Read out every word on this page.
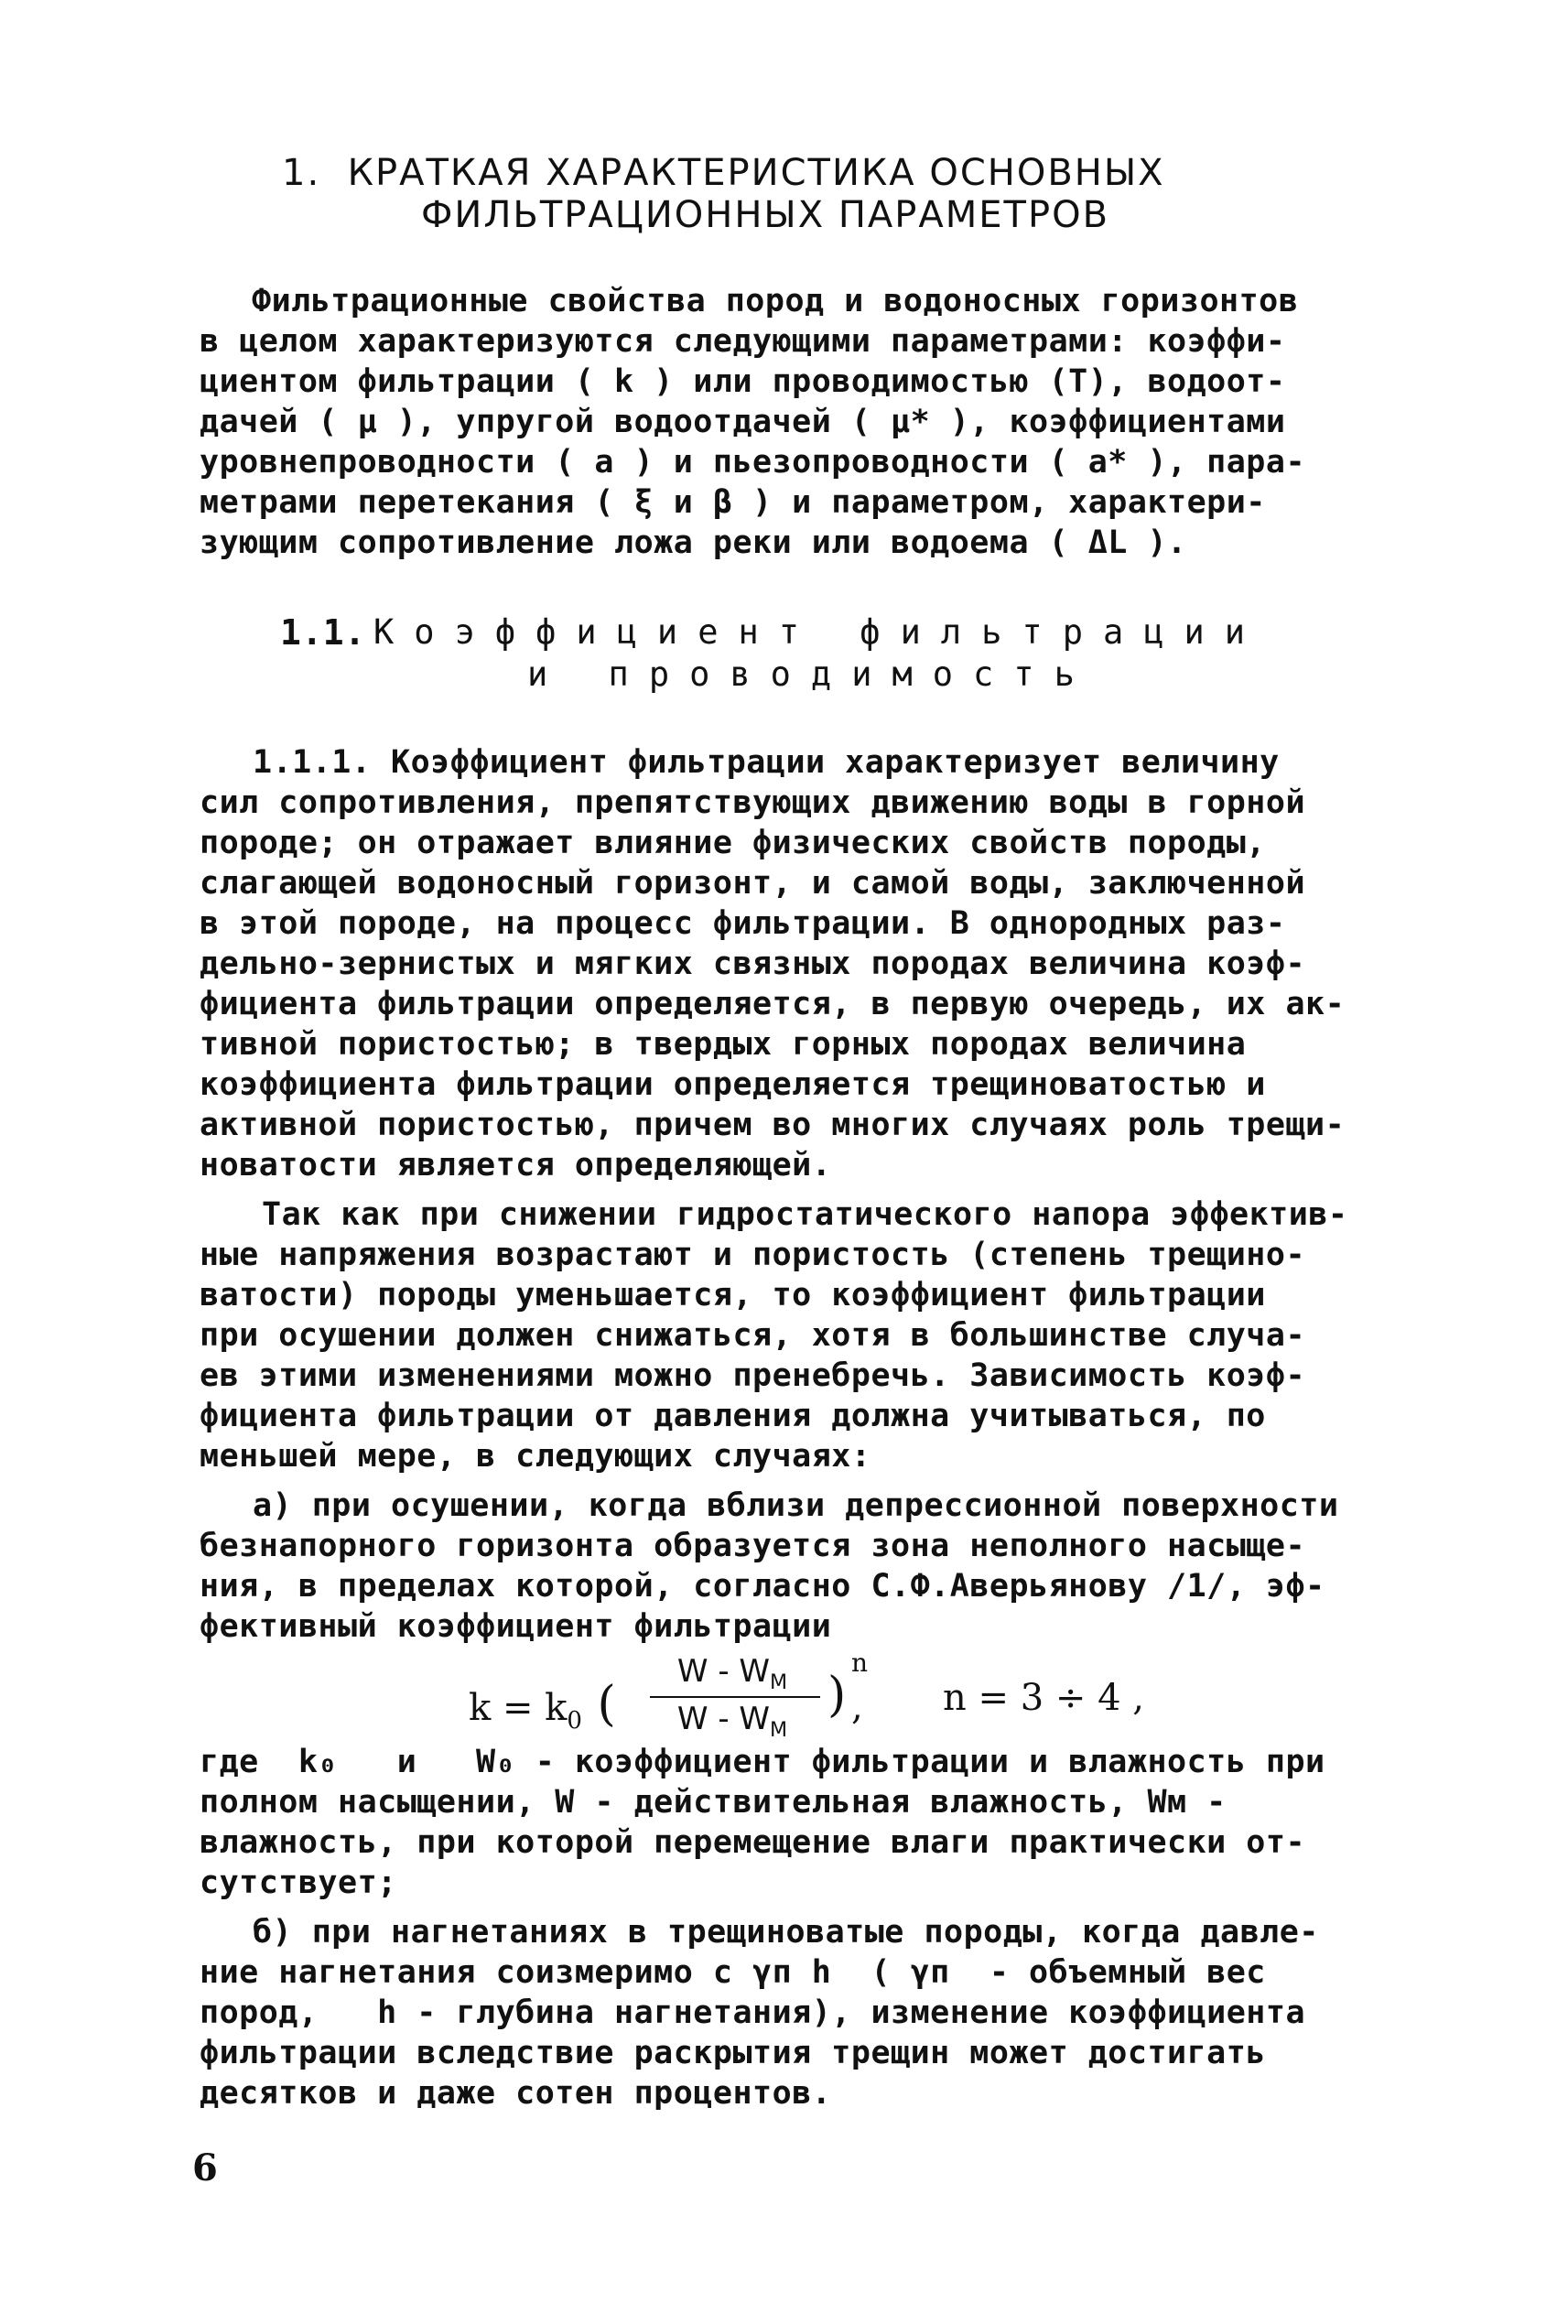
1.  КРАТКАЯ ХАРАКТЕРИСТИКА ОСНОВНЫХ
ФИЛЬТРАЦИОННЫХ ПАРАМЕТРОВ
Фильтрационные свойства пород и водоносных горизонтов
в целом характеризуются следующими параметрами: коэффи-
циентом фильтрации ( k ) или проводимостью (T), водоот-
дачей ( μ ), упругой водоотдачей ( μ* ), коэффициентами
уровнепроводности ( a ) и пьезопроводности ( a* ), пара-
метрами перетекания ( ξ и β ) и параметром, характери-
зующим сопротивление ложа реки или водоема ( ΔL ).
1.1. Коэффициент фильтрации
и проводимость
1.1.1. Коэффициент фильтрации характеризует величину
сил сопротивления, препятствующих движению воды в горной
породе; он отражает влияние физических свойств породы,
слагающей водоносный горизонт, и самой воды, заключенной
в этой породе, на процесс фильтрации. В однородных раз-
дельно-зернистых и мягких связных породах величина коэф-
фициента фильтрации определяется, в первую очередь, их ак-
тивной пористостью; в твердых горных породах величина
коэффициента фильтрации определяется трещиноватостью и
активной пористостью, причем во многих случаях роль трещи-
новатости является определяющей.
Так как при снижении гидростатического напора эффектив-
ные напряжения возрастают и пористость (степень трещино-
ватости) породы уменьшается, то коэффициент фильтрации
при осушении должен снижаться, хотя в большинстве случа-
ев этими изменениями можно пренебречь. Зависимость коэф-
фициента фильтрации от давления должна учитываться, по
меньшей мере, в следующих случаях:
а) при осушении, когда вблизи депрессионной поверхности
безнапорного горизонта образуется зона неполного насыще-
ния, в пределах которой, согласно С.Ф.Аверьянову /1/, эф-
фективный коэффициент фильтрации
$k = k_0$ (
W - $W_M$
W - $W_M$
)
n
, n = 3 ÷ 4 ,
где  k₀   и   W₀ - коэффициент фильтрации и влажность при
полном насыщении, W - действительная влажность, Wм -
влажность, при которой перемещение влаги практически от-
сутствует;
б) при нагнетаниях в трещиноватые породы, когда давле-
ние нагнетания соизмеримо с γп h  ( γп  - объемный вес
пород,   h - глубина нагнетания), изменение коэффициента
фильтрации вследствие раскрытия трещин может достигать
десятков и даже сотен процентов.
6
